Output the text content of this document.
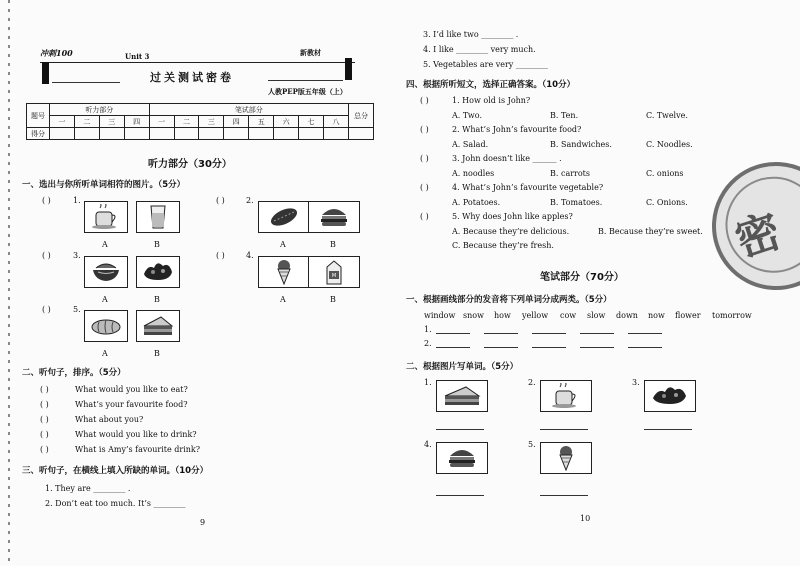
冲刺100	Unit 3	新教材
过关测试密卷
人教PEP版五年级（上）
题号	听力部分				笔试部分								总分
	一	二	三	四	一	二	三	四	五	六	七	八	
得分													
听力部分（30分）
一、选出与你所听单词相符的图片。（5分）
( )	1.
A	B
( )	2.
A	B
( )	3.
A	B
( )	4.
M
A	B
( )	5.
A	B
二、听句子，排序。（5分）
( )	What would you like to eat?
( )	What’s your favourite food?
( )	What about you?
( )	What would you like to drink?
( )	What is Amy’s favourite drink?
三、听句子，在横线上填入所缺的单词。（10分）
1. They are ________ .
2. Don’t eat too much. It’s ________
9
3. I’d like two ________ .
4. I like ________ very much.
5. Vegetables are very ________
四、根据所听短文，选择正确答案。（10分）
( )	1. How old is John?
A. Two.	B. Ten.	C. Twelve.
( )	2. What’s John’s favourite food?
A. Salad.	B. Sandwiches.	C. Noodles.
( )	3. John doesn’t like ______ .
A. noodles	B. carrots	C. onions
( )	4. What’s John’s favourite vegetable?
A. Potatoes.	B. Tomatoes.	C. Onions.
( )	5. Why does John like apples?
A. Because they’re delicious.	B. Because they’re sweet.
C. Because they’re fresh.
笔试部分（70分）
一、根据画线部分的发音将下列单词分成两类。（5分）
window snow how yellow cow slow down now flower tomorrow
1.
2.
二、根据图片写单词。（5分）
1.	2.	3.
4.	5.
密
10
